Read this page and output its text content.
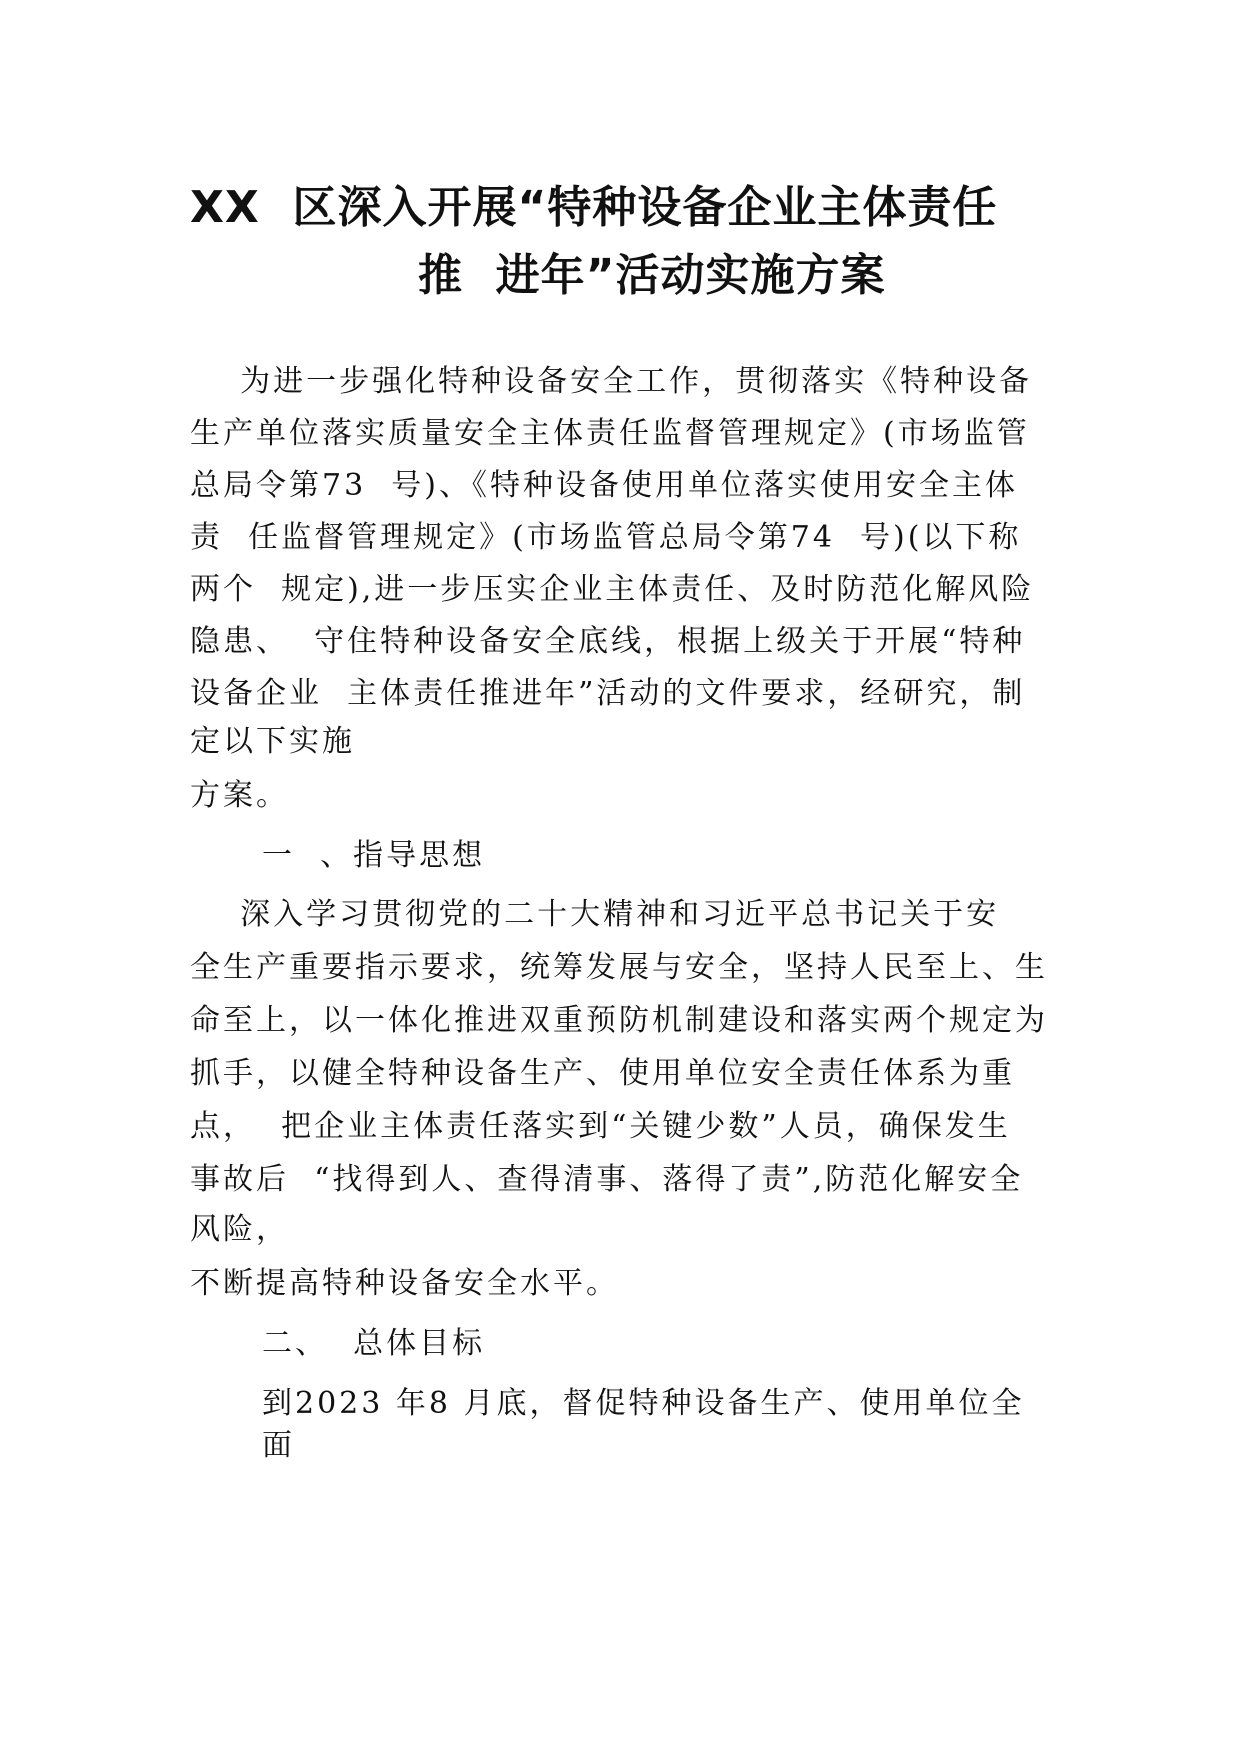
XX  区深入开展“特种设备企业主体责任
推  进年”活动实施方案
为进一步强化特种设备安全工作，贯彻落实《特种设备
生产单位落实质量安全主体责任监督管理规定》(市场监管
总局令第73  号)、《特种设备使用单位落实使用安全主体
责  任监督管理规定》(市场监管总局令第74  号)(以下称
两个  规定),进一步压实企业主体责任、及时防范化解风险
隐患、  守住特种设备安全底线，根据上级关于开展“特种
设备企业  主体责任推进年”活动的文件要求，经研究，制
定以下实施
方案。
一  、指导思想
深入学习贯彻党的二十大精神和习近平总书记关于安
全生产重要指示要求，统筹发展与安全，坚持人民至上、生
命至上，以一体化推进双重预防机制建设和落实两个规定为
抓手，以健全特种设备生产、使用单位安全责任体系为重
点，  把企业主体责任落实到“关键少数”人员，确保发生
事故后  “找得到人、查得清事、落得了责”,防范化解安全
风险，
不断提高特种设备安全水平。
二、  总体目标
到2023 年8 月底，督促特种设备生产、使用单位全
面
